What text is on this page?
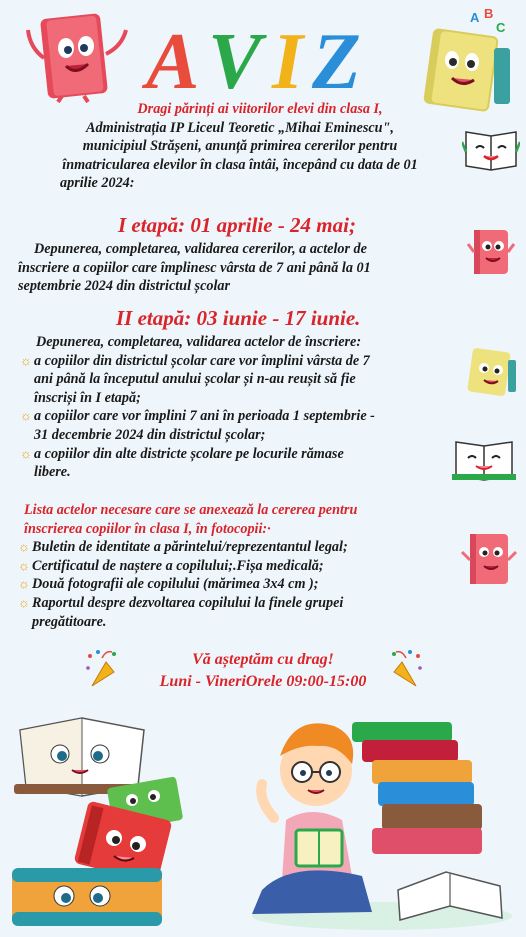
A V I Z
A B
C
Dragi părinți ai viitorilor elevi din clasa I,
Administrația IP Liceul Teoretic „Mihai Eminescu",
municipiul Strășeni, anunță primirea cererilor pentru
înmatricularea elevilor în clasa întâi, începând cu data de 01
aprilie 2024:
I etapă: 01 aprilie - 24 mai;
Depunerea, completarea, validarea cererilor, a actelor de
înscriere a copiilor care împlinesc vârsta de 7 ani până la 01
septembrie 2024 din districtul școlar
II etapă: 03 iunie - 17 iunie.
Depunerea, completarea, validarea actelor de înscriere:
☼ a copiilor din districtul școlar care vor împlini vârsta de 7
ani până la începutul anului școlar și n-au reușit să fie
înscriși în I etapă;
☼ a copiilor care vor împlini 7 ani în perioada 1 septembrie -
31 decembrie 2024 din districtul școlar;
☼ a copiilor din alte districte școlare pe locurile rămase
libere.
Lista actelor necesare care se anexează la cererea pentru
înscrierea copiilor în clasa I, în fotocopii:·
☼ Buletin de identitate a părintelui/reprezentantul legal;
☼ Certificatul de naștere a copilului;.Fișa medicală;
☼ Două fotografii ale copilului (mărimea 3x4 cm );
☼ Raportul despre dezvoltarea copilului la finele grupei
pregătitoare.
Vă așteptăm cu drag!
Luni - VineriOrele 09:00-15:00
